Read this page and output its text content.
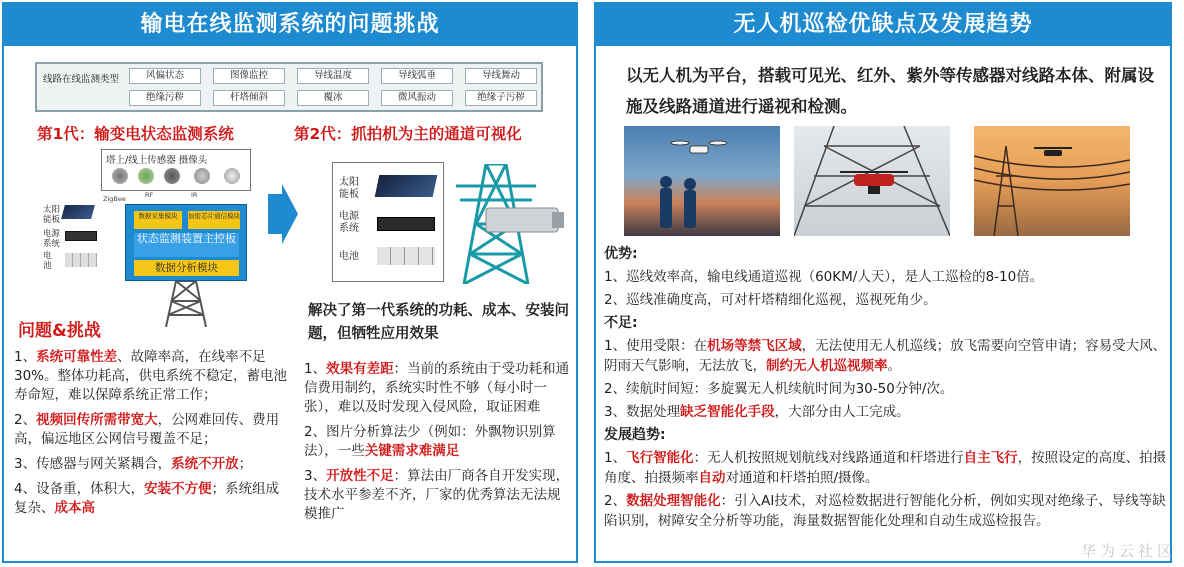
输电在线监测系统的问题挑战
线路在线监测类型	风偏状态	图像监控	导线温度	导线弧垂	导线舞动
绝缘污秽	杆塔倾斜	覆冰	微风振动	绝缘子污秽
第1代：输变电状态监测系统	第2代：抓拍机为主的通道可视化
塔上/线上传感器 摄像头
ZigBee	RF	IR
太阳能板
电源系统
电池
数据采集模块	加密芯片通信模块
状态监测装置主控板
数据分析模块
太阳能板
电源系统
电池
问题&挑战

1、系统可靠性差、故障率高，在线率不足30%。整体功耗高，供电系统不稳定，蓄电池寿命短，难以保障系统正常工作；

2、视频回传所需带宽大，公网难回传、费用高，偏远地区公网信号覆盖不足；

3、传感器与网关紧耦合，系统不开放；

4、设备重，体积大，安装不方便；系统组成复杂、成本高

解决了第一代系统的功耗、成本、安装问题，但牺牲应用效果

1、效果有差距：当前的系统由于受功耗和通信费用制约，系统实时性不够（每小时一张），难以及时发现入侵风险，取证困难

2、图片分析算法少（例如：外飘物识别算法），一些关键需求难满足

3、开放性不足：算法由厂商各自开发实现，技术水平参差不齐，厂家的优秀算法无法规模推广

无人机巡检优缺点及发展趋势
以无人机为平台，搭载可见光、红外、紫外等传感器对线路本体、附属设施及线路通道进行遥视和检测。

优势:

1、巡线效率高，输电线通道巡视（60KM/人天），是人工巡检的8-10倍。

2、巡线准确度高，可对杆塔精细化巡视，巡视死角少。

不足:

1、使用受限：在机场等禁飞区域，无法使用无人机巡线；放飞需要向空管申请；容易受大风、阴雨天气影响，无法放飞，制约无人机巡视频率。

2、续航时间短：多旋翼无人机续航时间为30-50分钟/次。

3、数据处理缺乏智能化手段，大部分由人工完成。

发展趋势:

1、飞行智能化：无人机按照规划航线对线路通道和杆塔进行自主飞行，按照设定的高度、拍摄角度、拍摄频率自动对通道和杆塔拍照/摄像。

2、数据处理智能化：引入AI技术，对巡检数据进行智能化分析，例如实现对绝缘子、导线等缺陷识别，树障安全分析等功能，海量数据智能化处理和自动生成巡检报告。

华为云社区
